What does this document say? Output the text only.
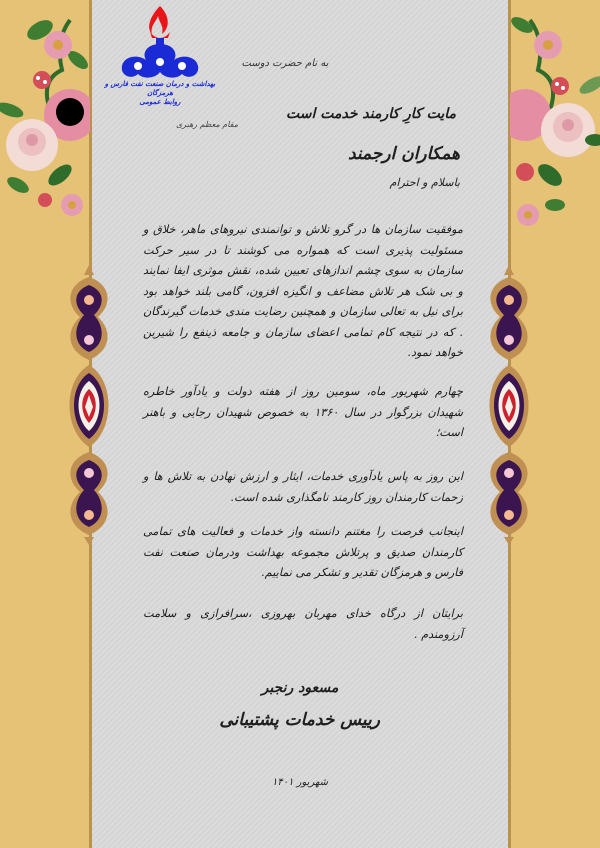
بهداشت و درمان صنعت نفت فارس و هرمزگان
روابط عمومی
به نام حضرت دوست
مایت کارِ کارمند خدمت است
مقام معظم رهبری
همکاران ارجمند
باسلام و احترام

موفقیت سازمان ها در گرو تلاش و توانمندی نیروهای ماهر، خلاق و مسئولیت پذیری است که همواره می کوشند تا در سیر حرکت سازمان به سوی چشم اندازهای تعیین شده، نقش موثری ایفا نمایند و بی شک هر تلاش مضاعف و انگیزه افزون، گامی بلند خواهد بود برای نیل به تعالی سازمان و همچنین رضایت مندی خدمات گیرندگان . که در نتیجه کام تمامی اعضای سازمان و جامعه ذینفع را شیرین خواهد نمود.

چهارم شهریور ماه، سومین روز از هفته دولت و یادآور خاطره شهیدان بزرگوار در سال ۱۳۶۰ به خصوص شهیدان رجایی و باهنر است؛

این روز به پاس یادآوری خدمات، ایثار و ارزش نهادن به تلاش ها و زحمات کارمندان روز کارمند نامگذاری شده است.

اینجانب فرصت را مغتنم دانسته واز خدمات و فعالیت های تمامی کارمندان صدیق و پرتلاش مجموعه بهداشت ودرمان صنعت نفت فارس و هرمزگان تقدیر و تشکر می نماییم.

برایتان از درگاه خدای مهربان بهروزی ،سرافرازی و سلامت آرزومندم .

مسعود رنجبر
رییس خدمات پشتیبانی
شهریور ۱۴۰۱
